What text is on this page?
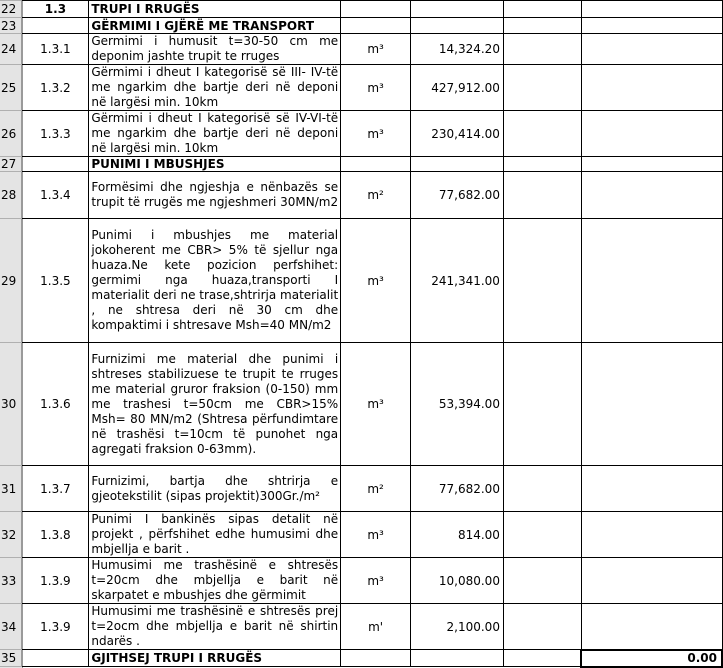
22	1.3	TRUPI I RRUGËS				
23		GËRMIMI I GJËRË ME TRANSPORT				
24	1.3.1	Germimi i humusit t=30-50 cm me deponim jashte trupit te rruges	m³	14,324.20		
25	1.3.2	Gërmimi i dheut I kategorisë së III- IV-të me ngarkim dhe bartje deri në deponi në largësi min. 10km	m³	427,912.00		
26	1.3.3	Gërmimi i dheut I kategorisë së IV-VI-të me ngarkim dhe bartje deri në deponi në largësi min. 10km	m³	230,414.00		
27		PUNIMI I MBUSHJES				
28	1.3.4	Formësimi dhe ngjeshja e nënbazës se trupit të rrugës me ngjeshmeri 30MN/m2	m²	77,682.00		
29	1.3.5	Punimi i mbushjes me material jokoherent me CBR> 5% të sjellur nga huaza.Ne kete pozicion perfshihet: germimi nga huaza,transporti I materialit deri ne trase,shtrirja materialit , ne shtresa deri në 30 cm dhe kompaktimi i shtresave Msh=40 MN/m2	m³	241,341.00		
30	1.3.6	Furnizimi me material dhe punimi i shtreses stabilizuese te trupit te rruges me material gruror fraksion (0-150) mm me trashesi t=50cm me CBR>15% Msh= 80 MN/m2 (Shtresa përfundimtare në trashësi t=10cm të punohet nga agregati fraksion 0-63mm).	m³	53,394.00		
31	1.3.7	Furnizimi, bartja dhe shtrirja e gjeotekstilit (sipas projektit)300Gr./m²	m²	77,682.00		
32	1.3.8	Punimi I bankinës sipas detalit në projekt , përfshihet edhe humusimi dhe mbjellja e barit .	m³	814.00		
33	1.3.9	Humusimi me trashësinë e shtresës t=20cm dhe mbjellja e barit në skarpatet e mbushjes dhe gërmimit	m³	10,080.00		
34	1.3.9	Humusimi me trashësinë e shtresës prej t=2ocm dhe mbjellja e barit në shirtin ndarës .	m'	2,100.00		
35		GJITHSEJ TRUPI I RRUGËS				0.00
